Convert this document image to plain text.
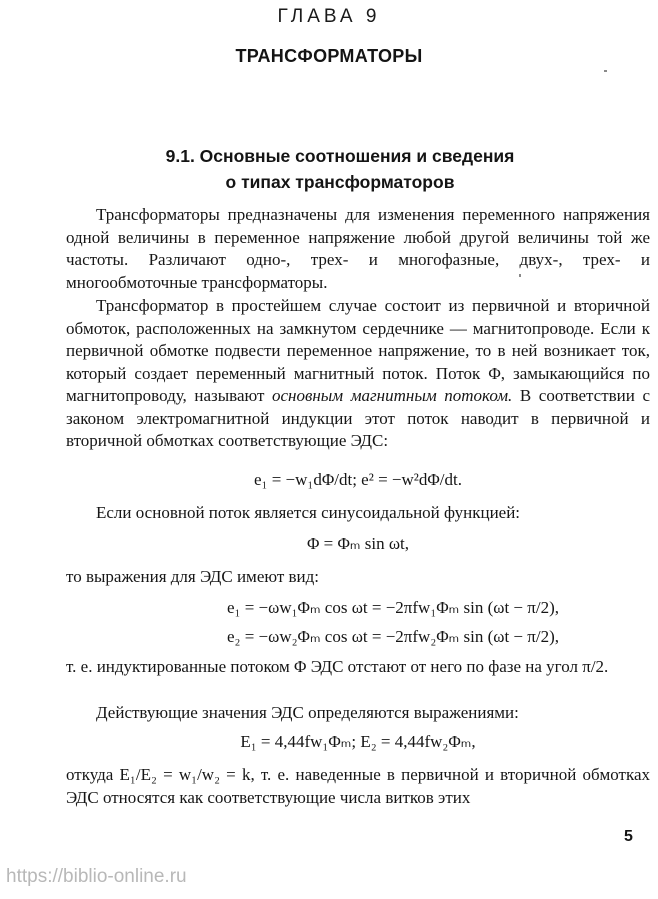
ГЛАВА 9
ТРАНСФОРМАТОРЫ
9.1. Основные соотношения и сведения
о типах трансформаторов

Трансформаторы предназначены для изменения переменного напряжения одной величины в переменное напряжение любой другой величины той же частоты. Различают одно-, трех- и многофазные, двух-, трех- и многообмоточные трансформаторы.

Трансформатор в простейшем случае состоит из первичной и вторичной обмоток, расположенных на замкнутом сердечнике — магнитопроводе. Если к первичной обмотке подвести переменное напряжение, то в ней возникает ток, который создает переменный магнитный поток. Поток Φ, замыкающийся по магнитопроводу, называют основным магнитным потоком. В соответствии с законом электромагнитной индукции этот поток наводит в первичной и вторичной обмотках соответствующие ЭДС:

e₁ = −w₁dΦ/dt; e² = −w²dΦ/dt.

Если основной поток является синусоидальной функцией:

Φ = Φₘ sin ωt,

то выражения для ЭДС имеют вид:

e₁ = −ωw₁Φₘ cos ωt = −2πfw₁Φₘ sin (ωt − π/2),
e₂ = −ωw₂Φₘ cos ωt = −2πfw₂Φₘ sin (ωt − π/2),

т. е. индуктированные потоком Φ ЭДС отстают от него по фазе на угол π/2.

Действующие значения ЭДС определяются выражениями:

E₁ = 4,44fw₁Φₘ; E₂ = 4,44fw₂Φₘ,

откуда E₁/E₂ = w₁/w₂ = k, т. е. наведенные в первичной и вторичной обмотках ЭДС относятся как соответствующие числа витков этих

5
https://biblio-online.ru
